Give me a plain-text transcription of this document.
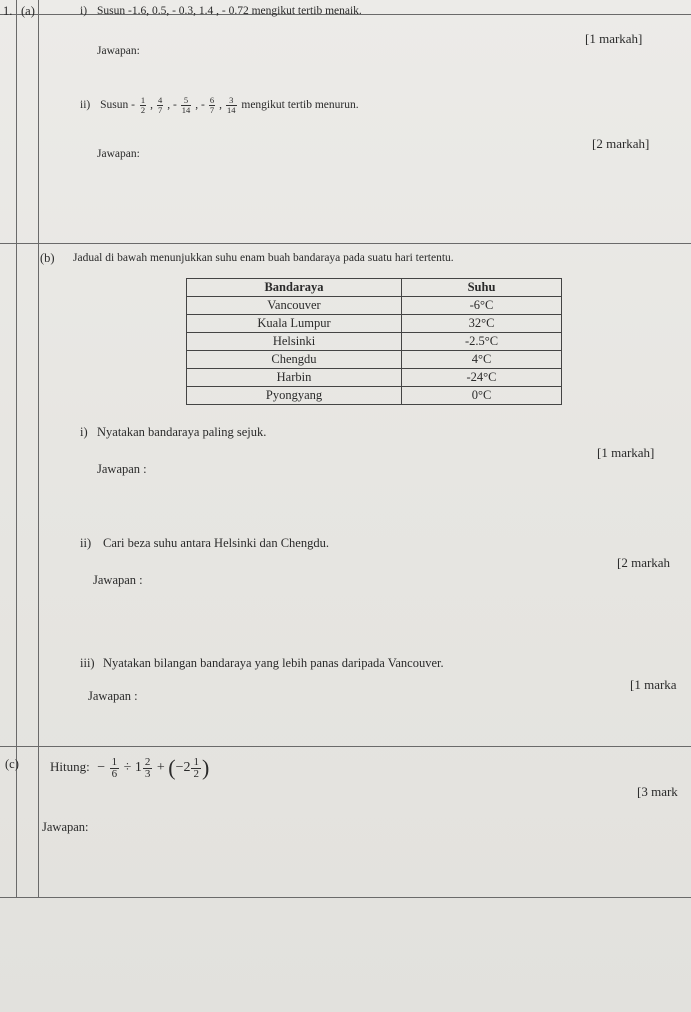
1. (a)	i) Susun -1.6, 0.5, - 0.3, 1.4 , - 0.72 mengikut tertib menaik.
[1 markah]
Jawapan:
ii) Susun - $\frac{1}{2}$ , $\frac{4}{7}$ , - $\frac{5}{14}$ , - $\frac{6}{7}$ , $\frac{3}{14}$ mengikut tertib menurun.
[2 markah]
Jawapan:
(b) Jadual di bawah menunjukkan suhu enam buah bandaraya pada suatu hari tertentu.
Bandaraya	Suhu
Vancouver	-6°C
Kuala Lumpur	32°C
Helsinki	-2.5°C
Chengdu	4°C
Harbin	-24°C
Pyongyang	0°C
i) Nyatakan bandaraya paling sejuk.
[1 markah]
Jawapan :
ii) Cari beza suhu antara Helsinki dan Chengdu.
[2 markah
Jawapan :
iii) Nyatakan bilangan bandaraya yang lebih panas daripada Vancouver.
[1 marka
Jawapan :
(c) Hitung: − $\frac{1}{6} \div 1 \frac{2}{3} + (-2 \frac{1}{2}$ )
[3 mark
Jawapan:
